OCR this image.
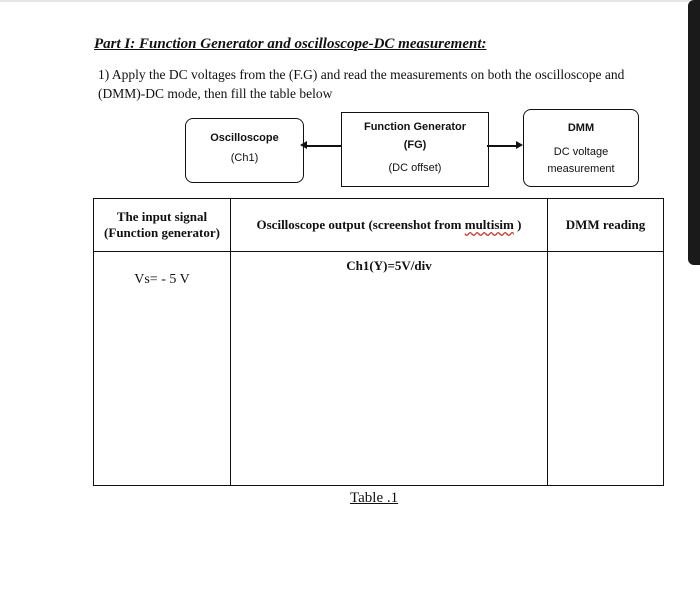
Part I: Function Generator and oscilloscope-DC measurement:
1) Apply the DC voltages from the (F.G) and read the measurements on both the oscilloscope and (DMM)-DC mode, then fill the table below
Oscilloscope
(Ch1)
Function Generator
(FG)
(DC offset)
DMM
DC voltage
measurement
The input signal (Function generator)	Oscilloscope output (screenshot from multisim )	DMM reading

Vs= - 5 V	Ch1(Y)=5V/div	

Table .1
